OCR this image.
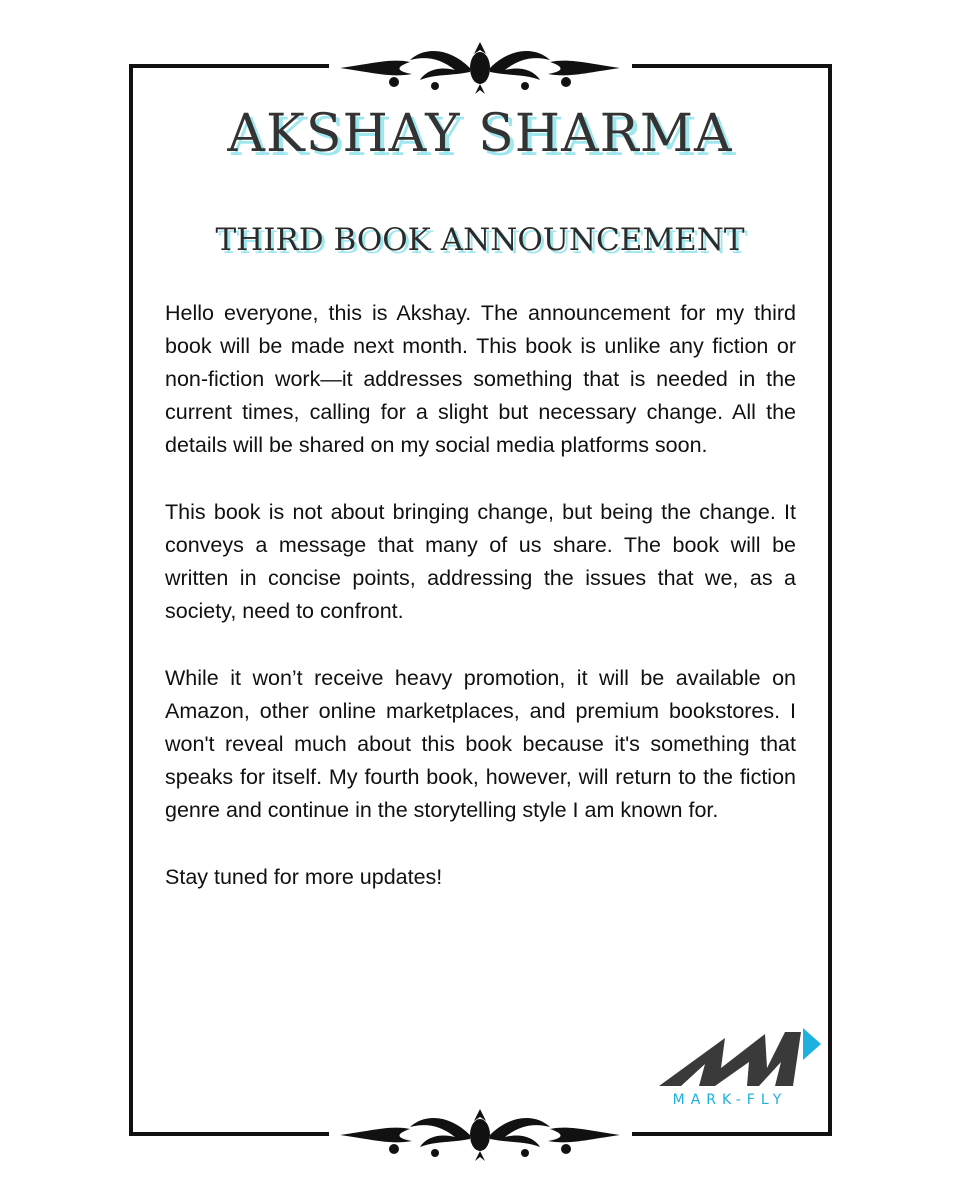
AKSHAY SHARMA
THIRD BOOK ANNOUNCEMENT

Hello everyone, this is Akshay. The announcement for my third book will be made next month. This book is unlike any fiction or non-fiction work—it addresses something that is needed in the current times, calling for a slight but necessary change. All the details will be shared on my social media platforms soon.

This book is not about bringing change, but being the change. It conveys a message that many of us share. The book will be written in concise points, addressing the issues that we, as a society, need to confront.

While it won’t receive heavy promotion, it will be available on Amazon, other online marketplaces, and premium bookstores. I won't reveal much about this book because it's something that speaks for itself. My fourth book, however, will return to the fiction genre and continue in the storytelling style I am known for.

Stay tuned for more updates!

MARK-FLY
